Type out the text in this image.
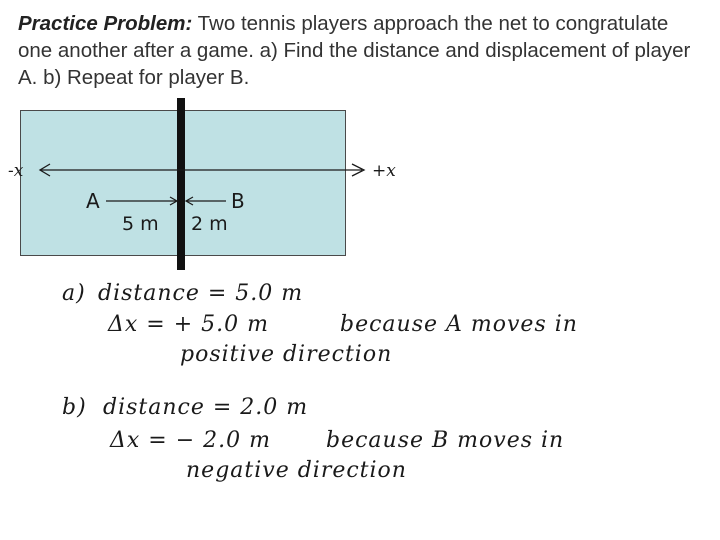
Practice Problem: Two tennis players approach the net to congratulate one another after a game. a) Find the distance and displacement of player A. b) Repeat for player B.
-x	+x
A	B
5 m 2 m
a) distance = 5.0 m
Δx = + 5.0 m	because A moves in
positive direction
b) distance = 2.0 m
Δx = − 2.0 m	because B moves in
negative direction
